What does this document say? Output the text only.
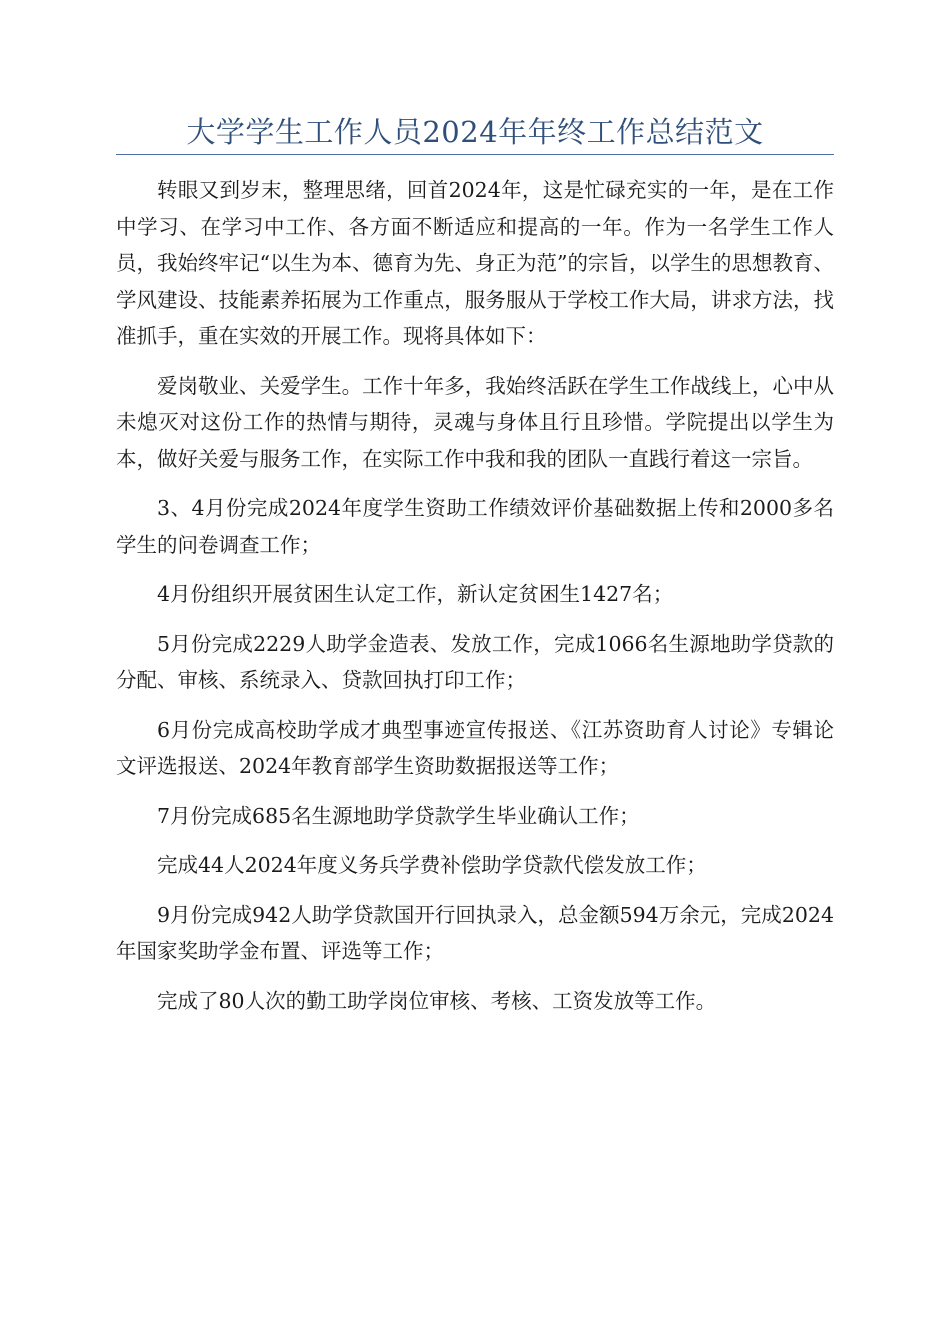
大学学生工作人员2024年年终工作总结范文

转眼又到岁末，整理思绪，回首2024年，这是忙碌充实的一年，是在工作中学习、在学习中工作、各方面不断适应和提高的一年。作为一名学生工作人员，我始终牢记“以生为本、德育为先、身正为范”的宗旨，以学生的思想教育、学风建设、技能素养拓展为工作重点，服务服从于学校工作大局，讲求方法，找准抓手，重在实效的开展工作。现将具体如下：

爱岗敬业、关爱学生。工作十年多，我始终活跃在学生工作战线上，心中从未熄灭对这份工作的热情与期待，灵魂与身体且行且珍惜。学院提出以学生为本，做好关爱与服务工作，在实际工作中我和我的团队一直践行着这一宗旨。

3、4月份完成2024年度学生资助工作绩效评价基础数据上传和2000多名学生的问卷调查工作；

4月份组织开展贫困生认定工作，新认定贫困生1427名；

5月份完成2229人助学金造表、发放工作，完成1066名生源地助学贷款的分配、审核、系统录入、贷款回执打印工作；

6月份完成高校助学成才典型事迹宣传报送、《江苏资助育人讨论》专辑论文评选报送、2024年教育部学生资助数据报送等工作；

7月份完成685名生源地助学贷款学生毕业确认工作；

完成44人2024年度义务兵学费补偿助学贷款代偿发放工作；

9月份完成942人助学贷款国开行回执录入，总金额594万余元，完成2024年国家奖助学金布置、评选等工作；

完成了80人次的勤工助学岗位审核、考核、工资发放等工作。
